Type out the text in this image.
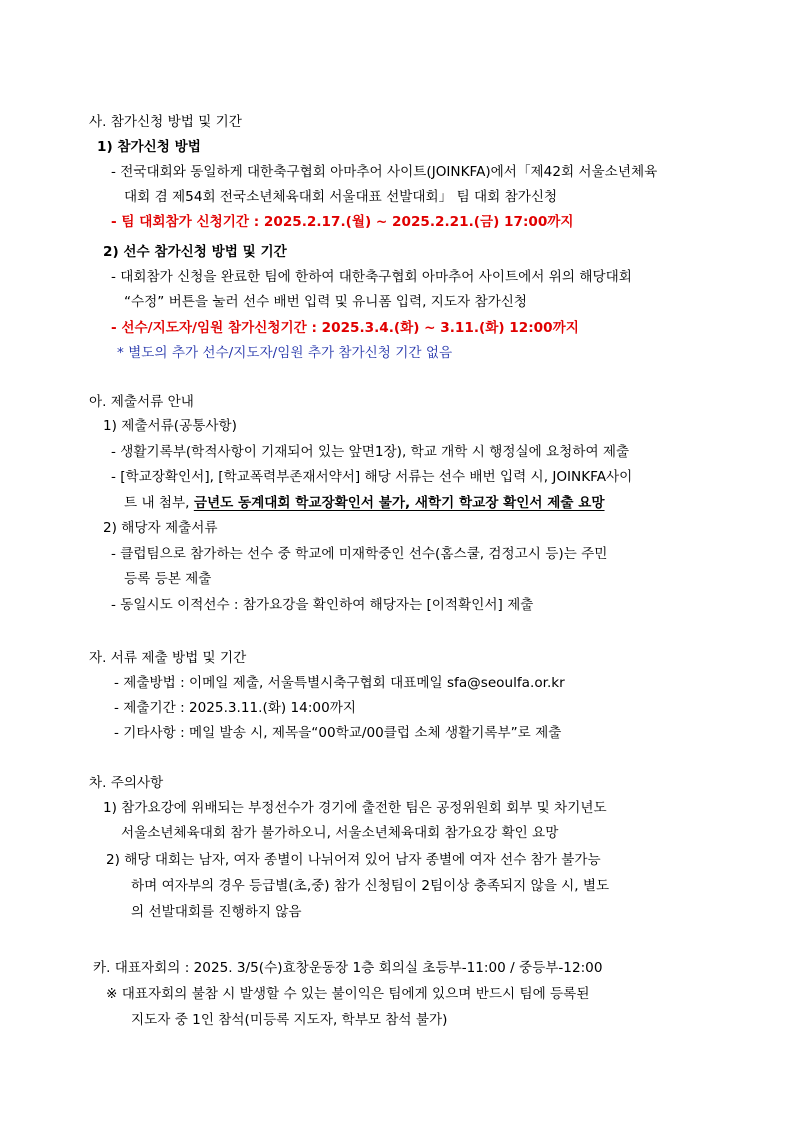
사. 참가신청 방법 및 기간
1) 참가신청 방법
- 전국대회와 동일하게 대한축구협회 아마추어 사이트(JOINKFA)에서「제42회 서울소년체육
대회 겸 제54회 전국소년체육대회 서울대표 선발대회」 팀 대회 참가신청
- 팀 대회참가 신청기간 : 2025.2.17.(월) ~ 2025.2.21.(금) 17:00까지
2) 선수 참가신청 방법 및 기간
- 대회참가 신청을 완료한 팀에 한하여 대한축구협회 아마추어 사이트에서 위의 해당대회
“수정” 버튼을 눌러 선수 배번 입력 및 유니폼 입력, 지도자 참가신청
- 선수/지도자/임원 참가신청기간 : 2025.3.4.(화) ~ 3.11.(화) 12:00까지
* 별도의 추가 선수/지도자/임원 추가 참가신청 기간 없음
아. 제출서류 안내
1) 제출서류(공통사항)
- 생활기록부(학적사항이 기재되어 있는 앞면1장), 학교 개학 시 행정실에 요청하여 제출
- [학교장확인서], [학교폭력부존재서약서] 해당 서류는 선수 배번 입력 시, JOINKFA사이
트 내 첨부, 금년도 동계대회 학교장확인서 불가, 새학기 학교장 확인서 제출 요망
2) 해당자 제출서류
- 클럽팀으로 참가하는 선수 중 학교에 미재학중인 선수(홈스쿨, 검정고시 등)는 주민
등록 등본 제출
- 동일시도 이적선수 : 참가요강을 확인하여 해당자는 [이적확인서] 제출
자. 서류 제출 방법 및 기간
- 제출방법 : 이메일 제출, 서울특별시축구협회 대표메일 sfa@seoulfa.or.kr
- 제출기간 : 2025.3.11.(화) 14:00까지
- 기타사항 : 메일 발송 시, 제목을“00학교/00클럽 소체 생활기록부”로 제출
차. 주의사항
1) 참가요강에 위배되는 부정선수가 경기에 출전한 팀은 공정위원회 회부 및 차기년도
서울소년체육대회 참가 불가하오니, 서울소년체육대회 참가요강 확인 요망
2) 해당 대회는 남자, 여자 종별이 나뉘어져 있어 남자 종별에 여자 선수 참가 불가능
하며 여자부의 경우 등급별(초,중) 참가 신청팀이 2팀이상 충족되지 않을 시, 별도
의 선발대회를 진행하지 않음
카. 대표자회의 : 2025. 3/5(수)효창운동장 1층 회의실 초등부-11:00 / 중등부-12:00
※ 대표자회의 불참 시 발생할 수 있는 불이익은 팀에게 있으며 반드시 팀에 등록된
지도자 중 1인 참석(미등록 지도자, 학부모 참석 불가)
